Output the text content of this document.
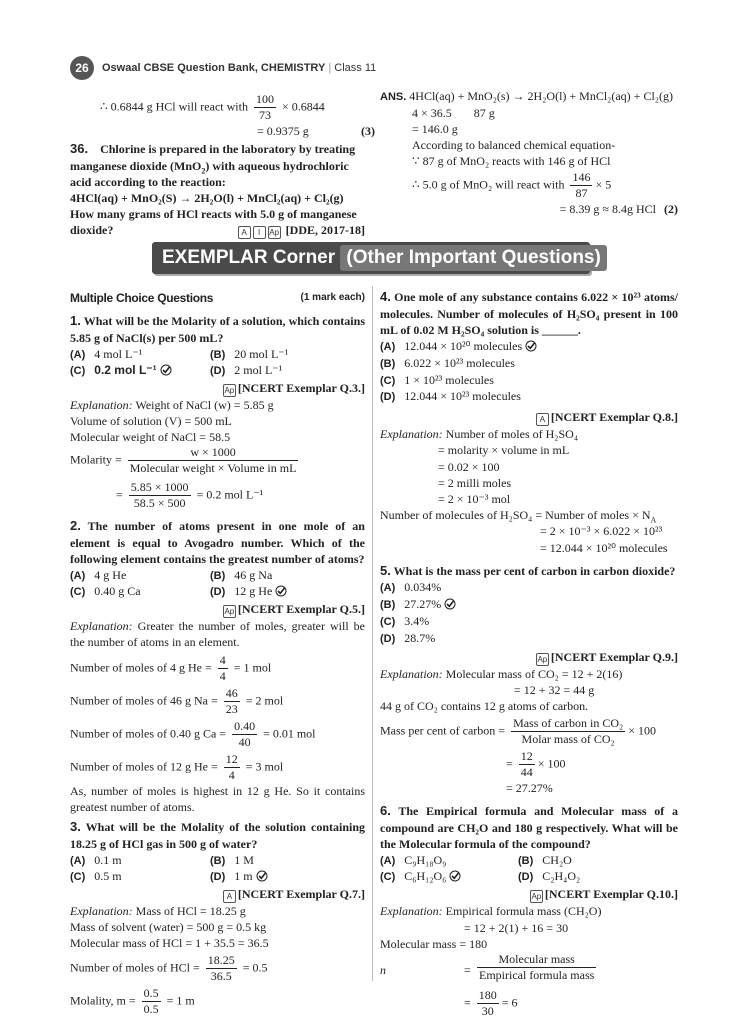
26	Oswaal CBSE Question Bank, CHEMISTRY | Class 11
∴ 0.6844 g HCl will react with $\frac{100}{73} \times 0.6844$
= 0.9375 g	(3)
36. Chlorine is prepared in the laboratory by treating
manganese dioxide (MnO$_2$) with aqueous hydrochloric
acid according to the reaction:
4HCl(aq) + MnO₂(S) → 2H₂O(l) + MnCl₂(aq) + Cl₂(g)
How many grams of HCl reacts with 5.0 g of manganese
dioxide?	A I Ap [DDE, 2017-18]
ANS. 4HCl(aq) + MnO₂(s) → 2H₂O(l) + MnCl₂(aq) + Cl₂(g)
4 × 36.5 87 g
= 146.0 g
According to balanced chemical equation-
∵ 87 g of MnO₂ reacts with 146 g of HCl
∴ 5.0 g of MnO₂ will react with $\frac{146}{87} \times 5$
= 8.39 g ≈ 8.4g HCl (2)
EXEMPLAR Corner (Other Important Questions)
Multiple Choice Questions	(1 mark each)
1. What will be the Molarity of a solution, which contains 5.85 g of NaCl(s) per 500 mL?
(A) 4 mol L⁻¹	(B) 20 mol L⁻¹
(C) 0.2 mol L⁻¹	(D) 2 mol L⁻¹
Ap [NCERT Exemplar Q.3.]
Explanation: Weight of NaCl (w) = 5.85 g
Volume of solution (V) = 500 mL
Molecular weight of NaCl = 58.5
Molarity = $\frac{w \times 1000}{\text{Molecular weight × Volume in mL}}$
= $\frac{5.85 \times 1000}{58.5 \times 500} = 0.2$ mol L⁻¹
2. The number of atoms present in one mole of an element is equal to Avogadro number. Which of the following element contains the greatest number of atoms?
(A) 4 g He	(B) 46 g Na
(C) 0.40 g Ca	(D) 12 g He
Ap [NCERT Exemplar Q.5.]
Explanation: Greater the number of moles, greater will be the number of atoms in an element.
Number of moles of 4 g $He = \frac{4}{4} = 1$ mol
Number of moles of 46 g $Na = \frac{46}{23} = 2$ mol
Number of moles of 0.40 g $Ca = \frac{0.40}{40} = 0.01$ mol
Number of moles of 12 g $He = \frac{12}{4} = 3$ mol
As, number of moles is highest in 12 g He. So it contains greatest number of atoms.
3. What will be the Molality of the solution containing 18.25 g of HCl gas in 500 g of water?
(A) 0.1 m	(B) 1 M
(C) 0.5 m	(D) 1 m
A [NCERT Exemplar Q.7.]
Explanation: Mass of HCl = 18.25 g
Mass of solvent (water) = 500 g = 0.5 kg
Molecular mass of HCl = 1 + 35.5 = 36.5
Number of moles of HCl = $\frac{18.25}{36.5} = 0.5$
Molality, $m = \frac{0.5}{0.5} = 1$ m
4. One mole of any substance contains 6.022 × 10²³ atoms/ molecules. Number of molecules of H₂SO₄ present in 100 mL of 0.02 M H₂SO₄ solution is ______.
(A) 12.044 × 10²⁰ molecules
(B) 6.022 × 10²³ molecules
(C) 1 × 10²³ molecules
(D) 12.044 × 10²³ molecules
A [NCERT Exemplar Q.8.]
Explanation: Number of moles of H₂SO₄
= molarity × volume in mL
= 0.02 × 100
= 2 milli moles
= 2 × 10⁻³ mol
Number of molecules of H₂SO₄ = Number of moles × $N_A$
= 2 × 10⁻³ × 6.022 × 10²³
= 12.044 × 10²⁰ molecules
5. What is the mass per cent of carbon in carbon dioxide?
(A) 0.034%
(B) 27.27%
(C) 3.4%
(D) 28.7%
Ap [NCERT Exemplar Q.9.]
Explanation: Molecular mass of CO₂ = 12 + 2(16)
= 12 + 32 = 44 g
44 g of CO₂ contains 12 g atoms of carbon.
Mass per cent of carbon = $\frac{\text{Mass of carbon in CO₂}}{\text{Molar mass of CO₂}} \times 100$
= $\frac{12}{44} \times 100$
= 27.27%
6. The Empirical formula and Molecular mass of a compound are CH₂O and 180 g respectively. What will be the Molecular formula of the compound?
(A) C₉H₁₈O₉	(B) CH₂O
(C) C₆H₁₂O₆	(D) C₂H₄O₂
Ap [NCERT Exemplar Q.10.]
Explanation: Empirical formula mass (CH₂O)
= 12 + 2(1) + 16 = 30
Molecular mass = 180
n	=
Molecular mass
Empirical formula mass
= $\frac{180}{30} = 6$
